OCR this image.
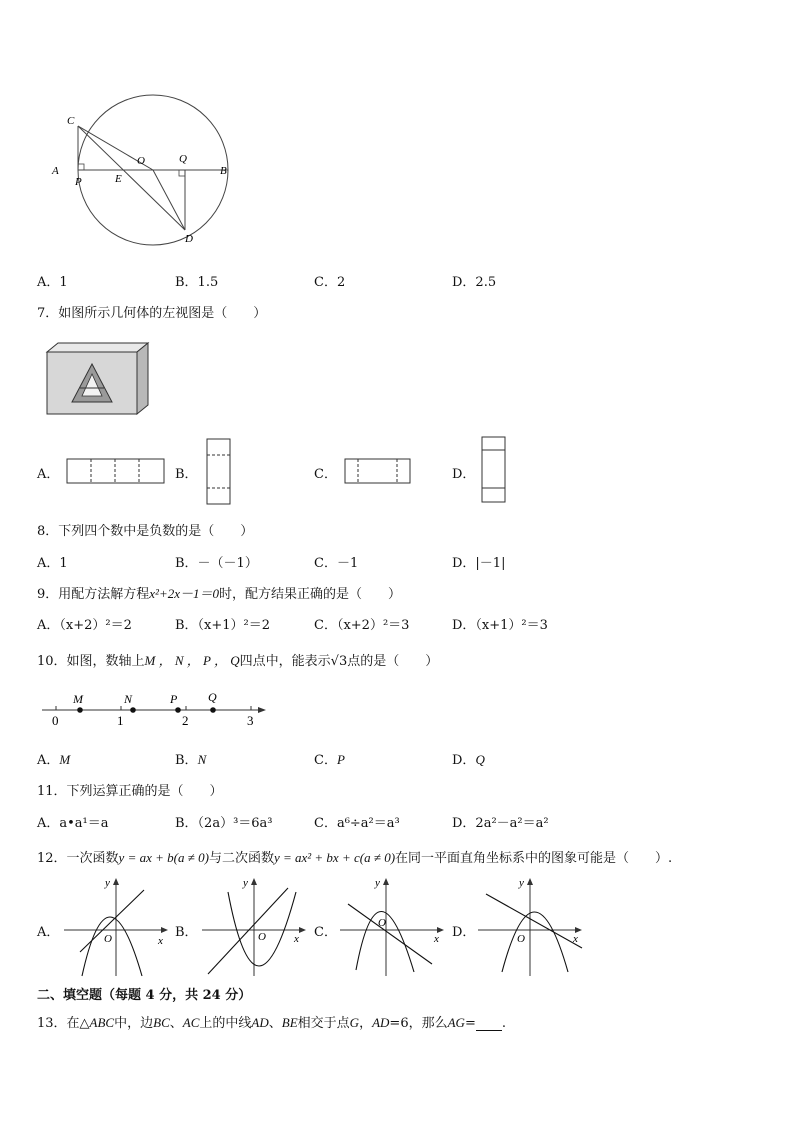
C
A
P	E
O	Q
B
D
A．1	B．1.5	C．2	D．2.5
7．如图所示几何体的左视图是（　　）
A．	B．	C．	D．
8．下列四个数中是负数的是（　　）
A．1	B．－（－1）	C．－1	D．|－1|
9．用配方法解方程x²+2x－1＝0时，配方结果正确的是（　　）
A．（x+2）²＝2	B．（x+1）²＝2	C．（x+2）²＝3	D．（x+1）²＝3
10．如图，数轴上M ， N ， P ， Q四点中，能表示√3点的是（　　）
0	1	2	3
M	N	P	Q
A．M	B．N	C．P	D．Q
11．下列运算正确的是（　　）
A．a•a¹＝a	B．（2a）³＝6a³	C．a⁶÷a²＝a³	D．2a²－a²＝a²
12．一次函数y = ax + b(a ≠ 0)与二次函数y = ax² + bx + c(a ≠ 0)在同一平面直角坐标系中的图象可能是（　　）.
A．
x
y
O	B．	x
y
O	C．	x
y
O
D．	x
y
O
二、填空题（每题 4 分，共 24 分）
13．在△ABC中，边BC、AC上的中线AD、BE相交于点G，AD=6，那么AG= .
